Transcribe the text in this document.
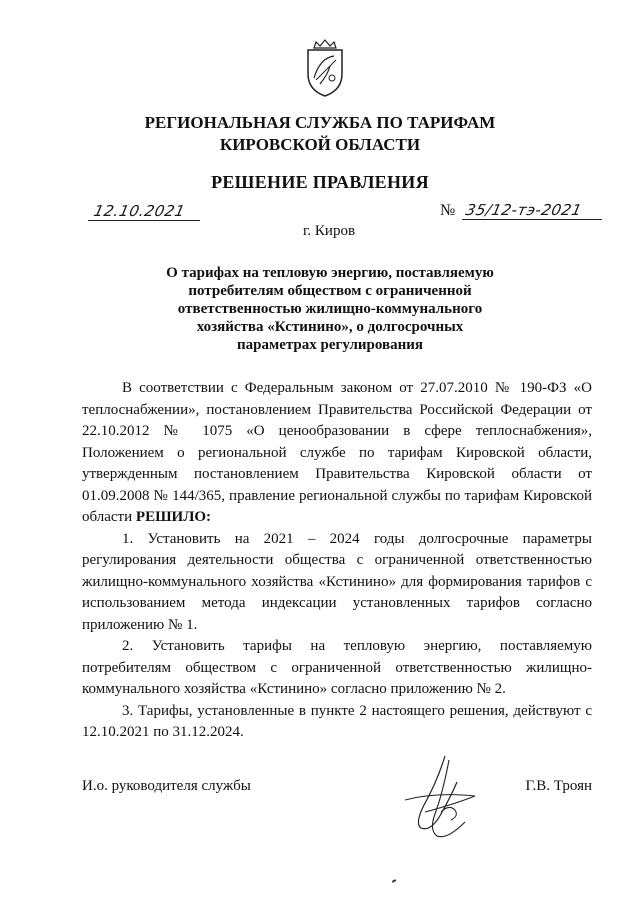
РЕГИОНАЛЬНАЯ СЛУЖБА ПО ТАРИФАМ
КИРОВСКОЙ ОБЛАСТИ
РЕШЕНИЕ ПРАВЛЕНИЯ
12.10.2021	№ 35/12-тэ-2021
г. Киров
О тарифах на тепловую энергию, поставляемую
потребителям обществом с ограниченной
ответственностью жилищно-коммунального
хозяйства «Кстинино», о долгосрочных
параметрах регулирования

В соответствии с Федеральным законом от 27.07.2010 № 190-ФЗ «О теплоснабжении», постановлением Правительства Российской Федерации от 22.10.2012 № 1075 «О ценообразовании в сфере теплоснабжения», Положением о региональной службе по тарифам Кировской области, утвержденным постановлением Правительства Кировской области от 01.09.2008 № 144/365, правление региональной службы по тарифам Кировской области РЕШИЛО:

1. Установить на 2021 – 2024 годы долгосрочные параметры регулирования деятельности общества с ограниченной ответственностью жилищно-коммунального хозяйства «Кстинино» для формирования тарифов с использованием метода индексации установленных тарифов согласно приложению № 1.

2. Установить тарифы на тепловую энергию, поставляемую потребителям обществом с ограниченной ответственностью жилищно-коммунального хозяйства «Кстинино» согласно приложению № 2.

3. Тарифы, установленные в пункте 2 настоящего решения, действуют с 12.10.2021 по 31.12.2024.

И.о. руководителя службы	Г.В. Троян
